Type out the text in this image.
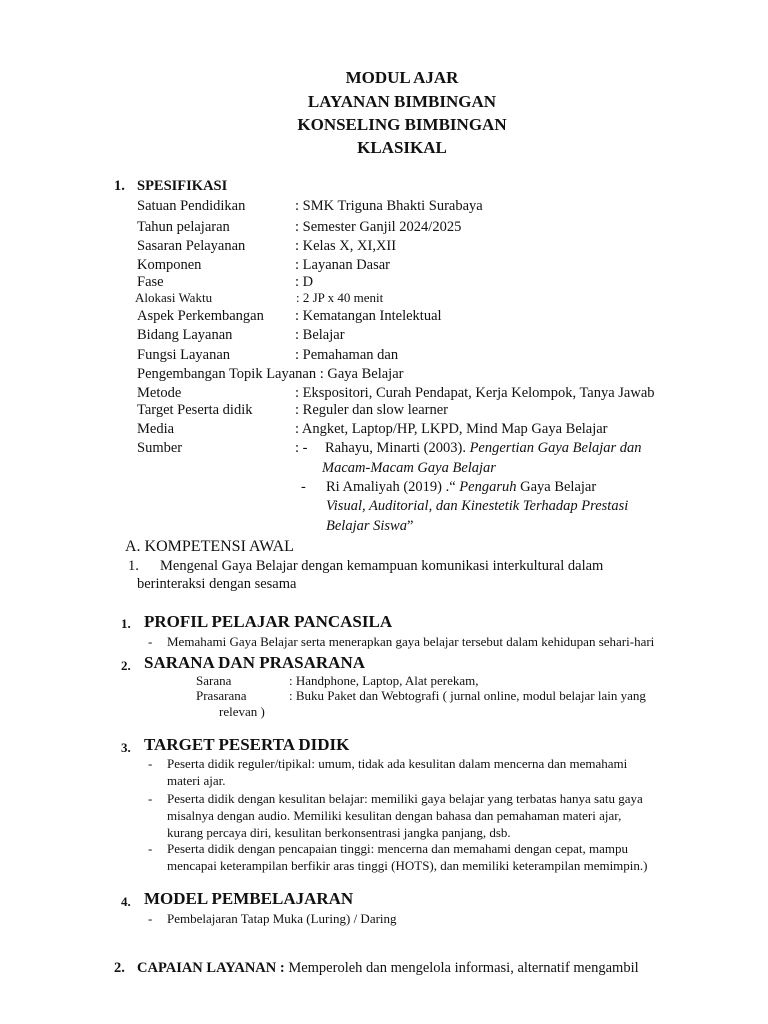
MODUL AJAR
LAYANAN BIMBINGAN
KONSELING BIMBINGAN
KLASIKAL
1. SPESIFIKASI
Satuan Pendidikan	: SMK Triguna Bhakti Surabaya
Tahun pelajaran	: Semester Ganjil 2024/2025
Sasaran Pelayanan	: Kelas X, XI,XII
Komponen	: Layanan Dasar
Fase	: D
Alokasi Waktu	: 2 JP x 40 menit
Aspek Perkembangan : Kematangan Intelektual
Bidang Layanan	: Belajar
Fungsi Layanan	: Pemahaman dan
Pengembangan Topik Layanan : Gaya Belajar
Metode	: Ekspositori, Curah Pendapat, Kerja Kelompok, Tanya Jawab
Target Peserta didik	: Reguler dan slow learner
Media	: Angket, Laptop/HP, LKPD, Mind Map Gaya Belajar
Sumber	: - Rahayu, Minarti (2003). Pengertian Gaya Belajar dan
Macam-Macam Gaya Belajar
- Ri Amaliyah (2019) .“ Pengaruh Gaya Belajar
Visual, Auditorial, dan Kinestetik Terhadap Prestasi
Belajar Siswa”
A. KOMPETENSI AWAL
1. Mengenal Gaya Belajar dengan kemampuan komunikasi interkultural dalam
berinteraksi dengan sesama
1. PROFIL PELAJAR PANCASILA
- Memahami Gaya Belajar serta menerapkan gaya belajar tersebut dalam kehidupan sehari-hari
2. SARANA DAN PRASARANA
Sarana	: Handphone, Laptop, Alat perekam,
Prasarana	: Buku Paket dan Webtografi ( jurnal online, modul belajar lain yang
relevan )
3. TARGET PESERTA DIDIK
- Peserta didik reguler/tipikal: umum, tidak ada kesulitan dalam mencerna dan memahami
materi ajar.
- Peserta didik dengan kesulitan belajar: memiliki gaya belajar yang terbatas hanya satu gaya
misalnya dengan audio. Memiliki kesulitan dengan bahasa dan pemahaman materi ajar,
kurang percaya diri, kesulitan berkonsentrasi jangka panjang, dsb.
- Peserta didik dengan pencapaian tinggi: mencerna dan memahami dengan cepat, mampu
mencapai keterampilan berfikir aras tinggi (HOTS), dan memiliki keterampilan memimpin.)
4. MODEL PEMBELAJARAN
- Pembelajaran Tatap Muka (Luring) / Daring
2. CAPAIAN LAYANAN : Memperoleh dan mengelola informasi, alternatif mengambil
